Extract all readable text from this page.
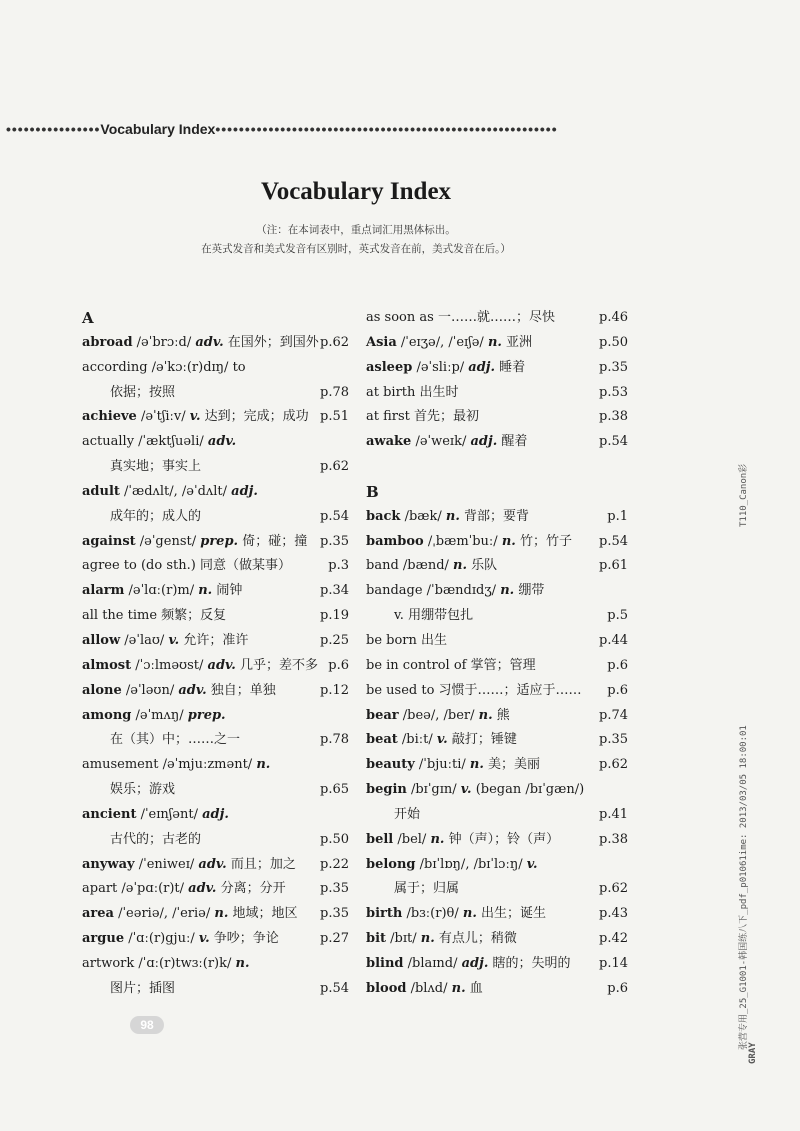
••••••••••••••••Vocabulary Index••••••••••••••••••••••••••••••••••••••••••••••••••••••••••
Vocabulary Index
（注：在本词表中，重点词汇用黑体标出。
在英式发音和美式发音有区别时，英式发音在前，美式发音在后。）
A
abroad /əˈbrɔːd/ adv. 在国外；到国外 p.62
according /əˈkɔː(r)dɪŋ/ to
依据；按照	p.78
achieve /əˈtʃiːv/ v. 达到；完成；成功 p.51
actually /ˈæktʃuəli/ adv.
真实地；事实上	p.62
adult /ˈædʌlt/, /əˈdʌlt/ adj.
成年的；成人的	p.54
against /əˈgenst/ prep. 倚；碰；撞 p.35
agree to (do sth.) 同意（做某事）	p.3
alarm /əˈlɑː(r)m/ n. 闹钟	p.34
all the time 频繁；反复	p.19
allow /əˈlaʊ/ v. 允许；准许	p.25
almost /ˈɔːlməʊst/ adv. 几乎；差不多 p.6
alone /əˈləʊn/ adv. 独自；单独	p.12
among /əˈmʌŋ/ prep.
在（其）中；……之一	p.78
amusement /əˈmjuːzmənt/ n.
娱乐；游戏	p.65
ancient /ˈeɪnʃənt/ adj.
古代的；古老的	p.50
anyway /ˈeniweɪ/ adv. 而且；加之 p.22
apart /əˈpɑː(r)t/ adv. 分离；分开	p.35
area /ˈeəriə/, /ˈeriə/ n. 地域；地区 p.35
argue /ˈɑː(r)gjuː/ v. 争吵；争论	p.27
artwork /ˈɑː(r)twɜː(r)k/ n.
图片；插图	p.54
as soon as 一……就……；尽快	p.46
Asia /ˈeɪʒə/, /ˈeɪʃə/ n. 亚洲	p.50
asleep /əˈsliːp/ adj. 睡着	p.35
at birth 出生时	p.53
at first 首先；最初	p.38
awake /əˈweɪk/ adj. 醒着	p.54
B
back /bæk/ n. 背部；要背	p.1
bamboo /ˌbæmˈbuː/ n. 竹；竹子 p.54
band /bænd/ n. 乐队	p.61
bandage /ˈbændɪdʒ/ n. 绷带
v. 用绷带包扎	p.5
be born 出生	p.44
be in control of 掌管；管理	p.6
be used to 习惯于……；适应于…… p.6
bear /beə/, /ber/ n. 熊	p.74
beat /biːt/ v. 敲打；锤键	p.35
beauty /ˈbjuːti/ n. 美；美丽	p.62
begin /bɪˈgɪn/ v. (began /bɪˈgæn/)
开始	p.41
bell /bel/ n. 钟（声）；铃（声）	p.38
belong /bɪˈlɒŋ/, /bɪˈlɔːŋ/ v.
属于；归属	p.62
birth /bɜː(r)θ/ n. 出生；诞生	p.43
bit /bɪt/ n. 有点儿；稍微	p.42
blind /blaɪnd/ adj. 瞎的；失明的 p.14
blood /blʌd/ n. 血	p.6
98
T110_Canon彩
张营专用_25_G1001-韩国练八下_pdf_p01061ime: 2013/03/05 18:00:01
GRAY
